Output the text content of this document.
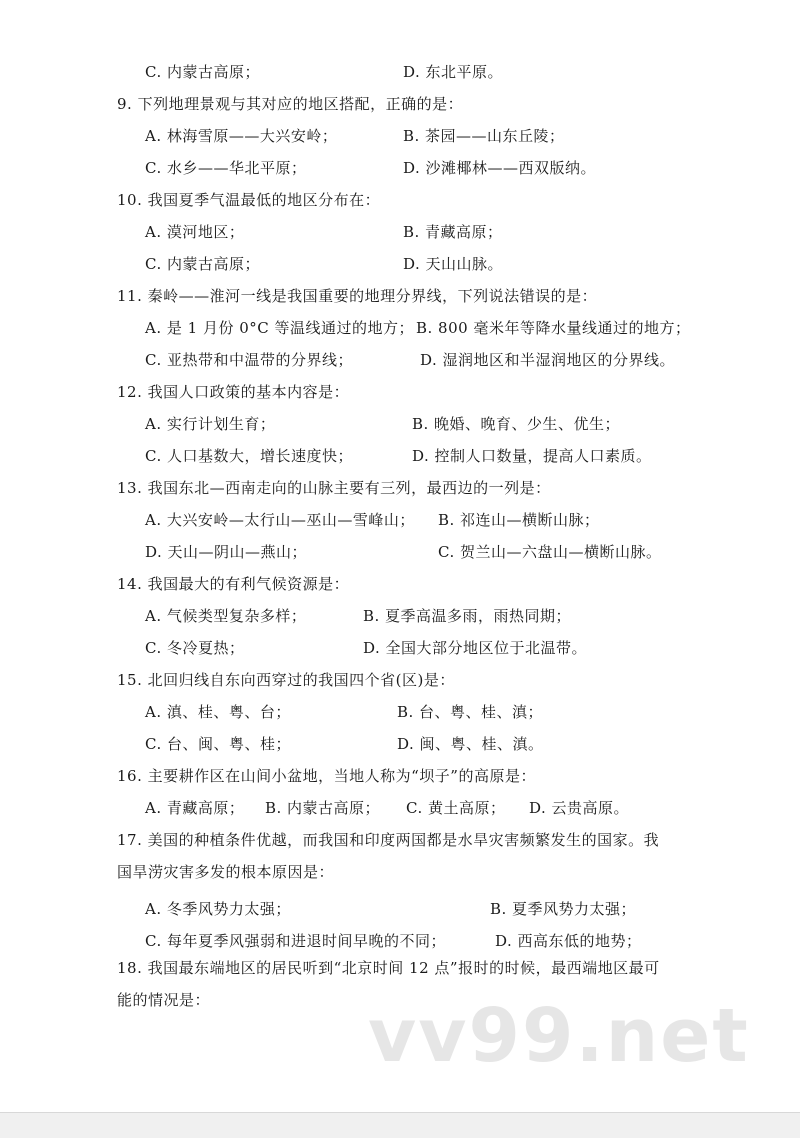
C. 内蒙古高原；	D. 东北平原。
9. 下列地理景观与其对应的地区搭配，正确的是：
A. 林海雪原——大兴安岭；	B. 茶园——山东丘陵；
C. 水乡——华北平原；	D. 沙滩椰林——西双版纳。
10. 我国夏季气温最低的地区分布在：
A. 漠河地区；	B. 青藏高原；
C. 内蒙古高原；	D. 天山山脉。
11. 秦岭——淮河一线是我国重要的地理分界线，下列说法错误的是：
A. 是 1 月份 0°C 等温线通过的地方； B. 800 毫米年等降水量线通过的地方；
C. 亚热带和中温带的分界线；	D. 湿润地区和半湿润地区的分界线。
12. 我国人口政策的基本内容是：
A. 实行计划生育；	B. 晚婚、晚育、少生、优生；
C. 人口基数大，增长速度快；	D. 控制人口数量，提高人口素质。
13. 我国东北—西南走向的山脉主要有三列，最西边的一列是：
A. 大兴安岭—太行山—巫山—雪峰山； B. 祁连山—横断山脉；
D. 天山—阴山—燕山；	C. 贺兰山—六盘山—横断山脉。
14. 我国最大的有利气候资源是：
A. 气候类型复杂多样；	B. 夏季高温多雨，雨热同期；
C. 冬冷夏热；	D. 全国大部分地区位于北温带。
15. 北回归线自东向西穿过的我国四个省(区)是：
A. 滇、桂、粤、台；	B. 台、粤、桂、滇；
C. 台、闽、粤、桂；	D. 闽、粤、桂、滇。
16. 主要耕作区在山间小盆地，当地人称为“坝子”的高原是：
A. 青藏高原； B. 内蒙古高原； C. 黄土高原； D. 云贵高原。
17. 美国的种植条件优越，而我国和印度两国都是水旱灾害频繁发生的国家。我
国旱涝灾害多发的根本原因是：
A. 冬季风势力太强；	B. 夏季风势力太强；
C. 每年夏季风强弱和进退时间早晚的不同；	D. 西高东低的地势；
18. 我国最东端地区的居民听到“北京时间 12 点”报时的时候，最西端地区最可
能的情况是： vv99.net
